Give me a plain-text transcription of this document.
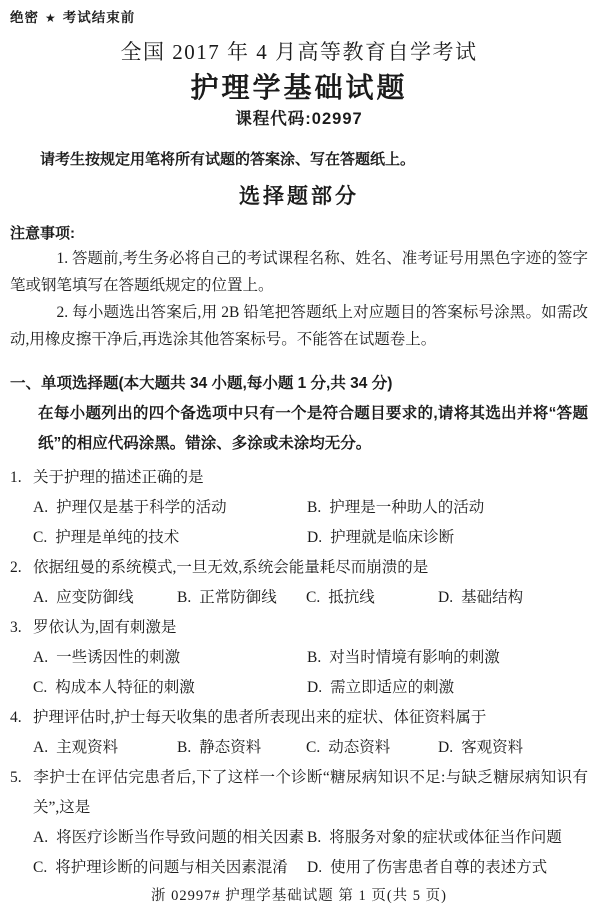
绝密 ★ 考试结束前
全国 2017 年 4 月高等教育自学考试
护理学基础试题
课程代码:02997
请考生按规定用笔将所有试题的答案涂、写在答题纸上。
选择题部分
注意事项:
1. 答题前,考生务必将自己的考试课程名称、姓名、准考证号用黑色字迹的签字笔或钢笔填写在答题纸规定的位置上。
2. 每小题选出答案后,用 2B 铅笔把答题纸上对应题目的答案标号涂黑。如需改动,用橡皮擦干净后,再选涂其他答案标号。不能答在试题卷上。
一、单项选择题(本大题共 34 小题,每小题 1 分,共 34 分)
在每小题列出的四个备选项中只有一个是符合题目要求的,请将其选出并将“答题纸”的相应代码涂黑。错涂、多涂或未涂均无分。
1. 关于护理的描述正确的是
A. 护理仅是基于科学的活动	B. 护理是一种助人的活动
C. 护理是单纯的技术	D. 护理就是临床诊断
2. 依据纽曼的系统模式,一旦无效,系统会能量耗尽而崩溃的是
A. 应变防御线	B. 正常防御线	C. 抵抗线	D. 基础结构
3. 罗依认为,固有刺激是
A. 一些诱因性的刺激	B. 对当时情境有影响的刺激
C. 构成本人特征的刺激	D. 需立即适应的刺激
4. 护理评估时,护士每天收集的患者所表现出来的症状、体征资料属于
A. 主观资料	B. 静态资料	C. 动态资料	D. 客观资料
5. 李护士在评估完患者后,下了这样一个诊断“糖尿病知识不足:与缺乏糖尿病知识有关”,这是
A. 将医疗诊断当作导致问题的相关因素 B. 将服务对象的症状或体征当作问题
C. 将护理诊断的问题与相关因素混淆	D. 使用了伤害患者自尊的表述方式
浙 02997# 护理学基础试题 第 1 页(共 5 页)
